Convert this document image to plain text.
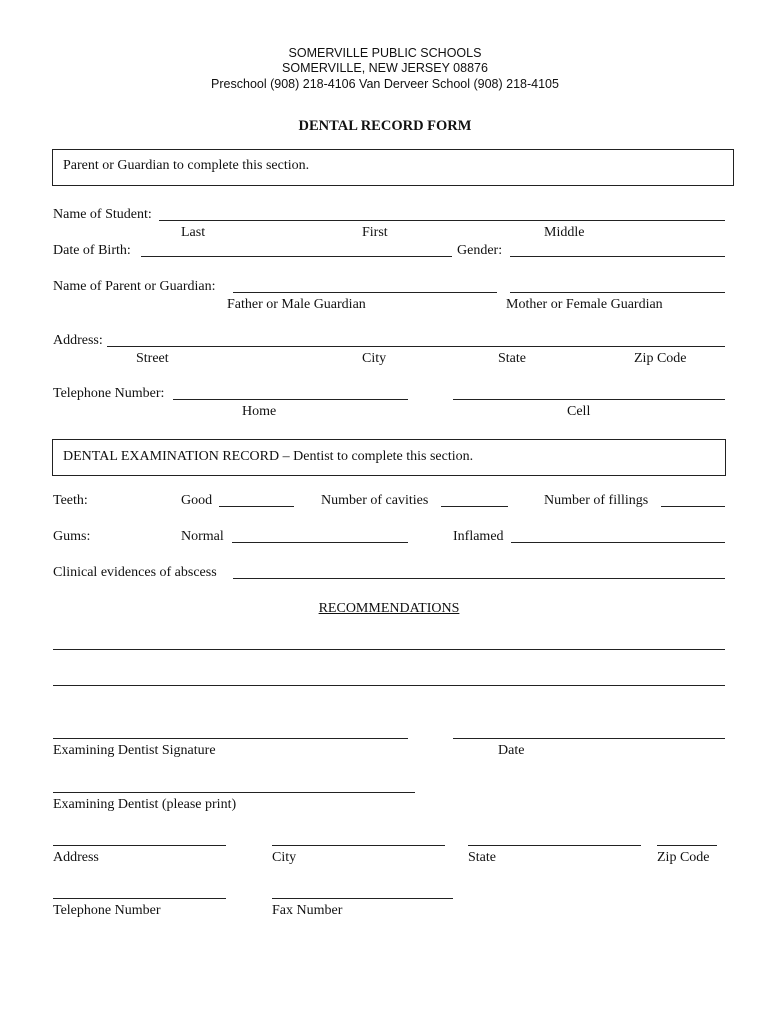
SOMERVILLE PUBLIC SCHOOLS
SOMERVILLE, NEW JERSEY 08876
Preschool (908) 218-4106 Van Derveer School (908) 218-4105
DENTAL RECORD FORM
Parent or Guardian to complete this section.
Name of Student:
Last	First	Middle
Date of Birth:	Gender:
Name of Parent or Guardian:
Father or Male Guardian	Mother or Female Guardian
Address:
Street	City	State	Zip Code
Telephone Number:
Home	Cell
DENTAL EXAMINATION RECORD – Dentist to complete this section.
Teeth:	Good	Number of cavities	Number of fillings
Gums:	Normal	Inflamed
Clinical evidences of abscess
RECOMMENDATIONS
Examining Dentist Signature	Date
Examining Dentist (please print)
Address	City	State	Zip Code
Telephone Number	Fax Number
